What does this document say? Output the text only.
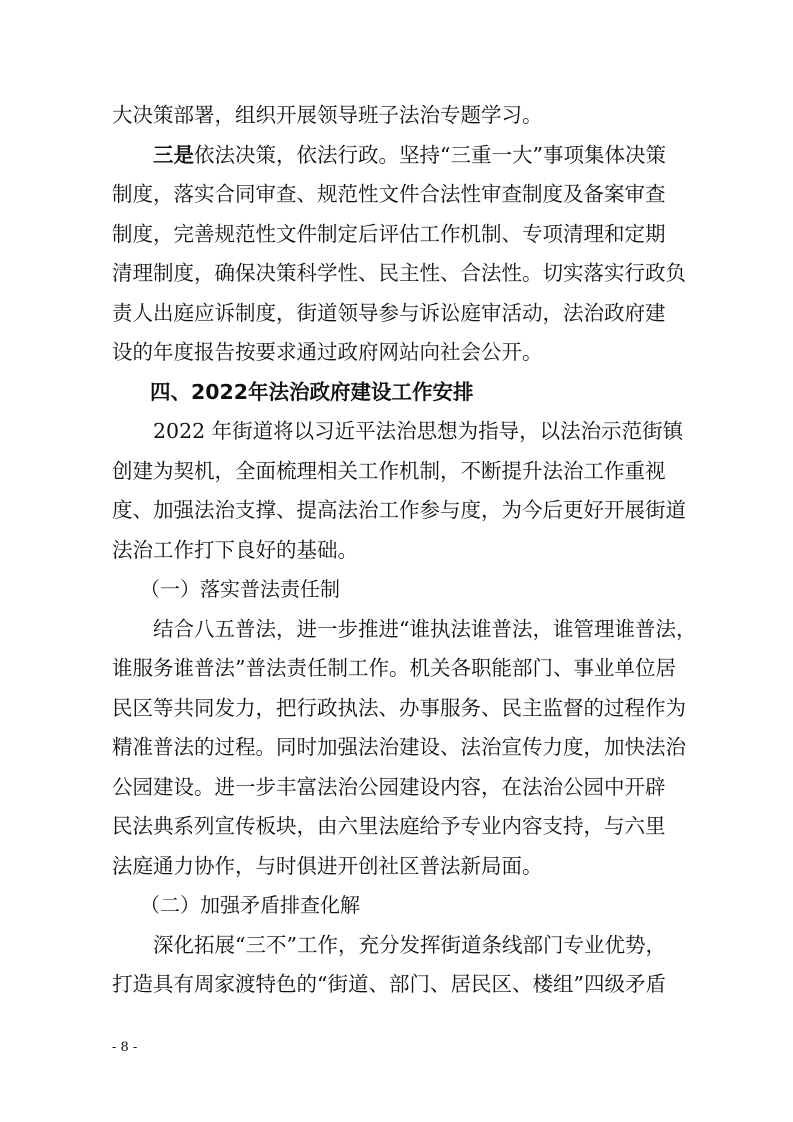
大决策部署，组织开展领导班子法治专题学习。

三是依法决策，依法行政。坚持“三重一大”事项集体决策

制度，落实合同审查、规范性文件合法性审查制度及备案审查

制度，完善规范性文件制定后评估工作机制、专项清理和定期

清理制度，确保决策科学性、民主性、合法性。切实落实行政负

责人出庭应诉制度，街道领导参与诉讼庭审活动，法治政府建

设的年度报告按要求通过政府网站向社会公开。

四、2022年法治政府建设工作安排

2022 年街道将以习近平法治思想为指导，以法治示范街镇

创建为契机，全面梳理相关工作机制，不断提升法治工作重视

度、加强法治支撑、提高法治工作参与度，为今后更好开展街道

法治工作打下良好的基础。

（一）落实普法责任制

结合八五普法，进一步推进“谁执法谁普法，谁管理谁普法，

谁服务谁普法”普法责任制工作。机关各职能部门、事业单位居

民区等共同发力，把行政执法、办事服务、民主监督的过程作为

精准普法的过程。同时加强法治建设、法治宣传力度，加快法治

公园建设。进一步丰富法治公园建设内容，在法治公园中开辟

民法典系列宣传板块，由六里法庭给予专业内容支持，与六里

法庭通力协作，与时俱进开创社区普法新局面。

（二）加强矛盾排查化解

深化拓展“三不”工作，充分发挥街道条线部门专业优势，

打造具有周家渡特色的“街道、部门、居民区、楼组”四级矛盾

- 8 -
